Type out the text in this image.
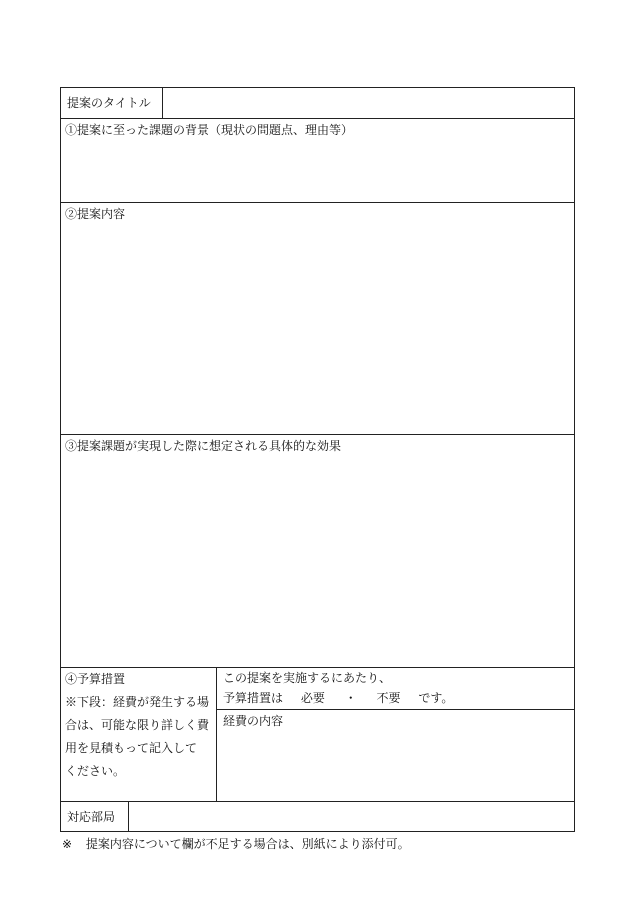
提案のタイトル
①提案に至った課題の背景（現状の問題点、理由等）
②提案内容
③提案課題が実現した際に想定される具体的な効果
④予算措置
※下段：経費が発生する場
合は、可能な限り詳しく費
用を見積もって記入して
ください。
この提案を実施するにあたり、
予算措置は 必要 ・ 不要 です。
経費の内容
対応部局
※ 提案内容について欄が不足する場合は、別紙により添付可。
